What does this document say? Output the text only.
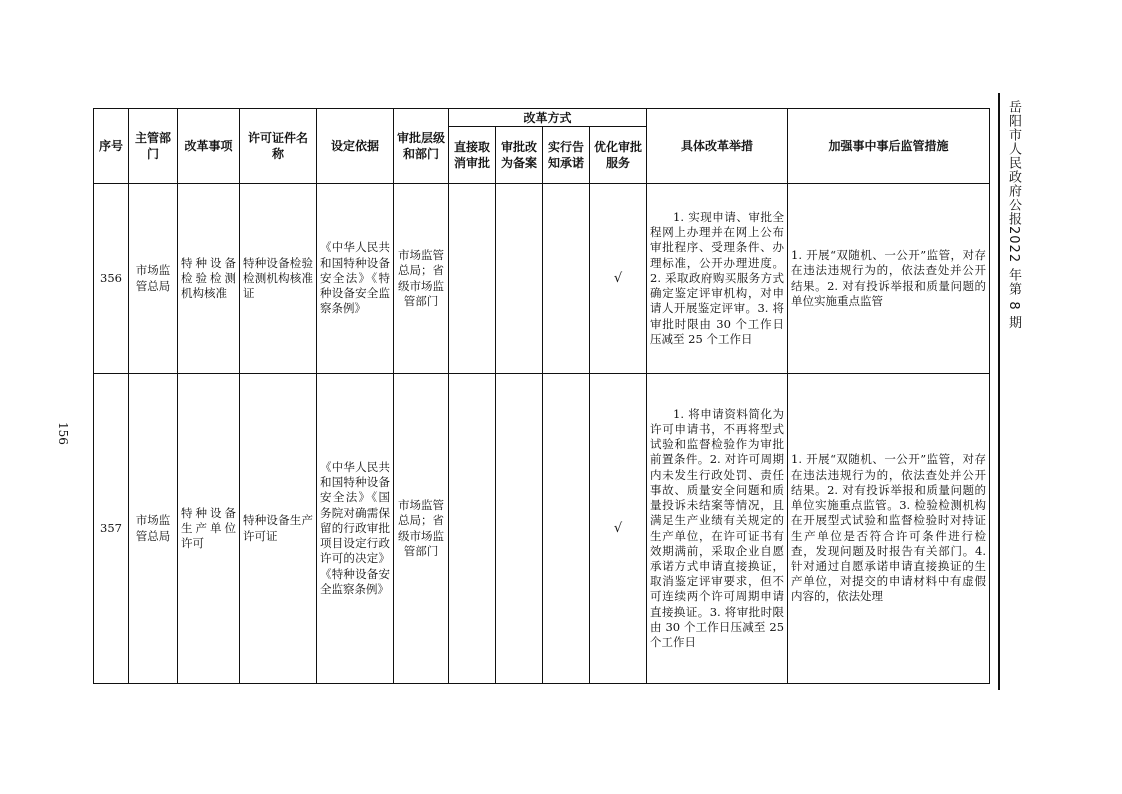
156
序号	主管部门	改革事项	许可证件名称	设定依据	审批层级和部门	改革方式				具体改革举措	加强事中事后监管措施
						直接取消审批	审批改为备案	实行告知承诺	优化审批服务		
356	市场监管总局	特种设备检验检测机构核准	特种设备检验检测机构核准证	《中华人民共和国特种设备安全法》《特种设备安全监察条例》	市场监管总局；省级市场监管部门				√	1. 实现申请、审批全程网上办理并在网上公布审批程序、受理条件、办理标准，公开办理进度。2. 采取政府购买服务方式确定鉴定评审机构，对申请人开展鉴定评审。3. 将审批时限由 30 个工作日压减至 25 个工作日	1. 开展“双随机、一公开”监管，对存在违法违规行为的，依法查处并公开结果。2. 对有投诉举报和质量问题的单位实施重点监管
357	市场监管总局	特种设备生产单位许可	特种设备生产许可证	《中华人民共和国特种设备安全法》《国务院对确需保留的行政审批项目设定行政许可的决定》《特种设备安全监察条例》	市场监管总局；省级市场监管部门				√	1. 将申请资料简化为许可申请书，不再将型式试验和监督检验作为审批前置条件。2. 对许可周期内未发生行政处罚、责任事故、质量安全问题和质量投诉未结案等情况，且满足生产业绩有关规定的生产单位，在许可证书有效期满前，采取企业自愿承诺方式申请直接换证，取消鉴定评审要求，但不可连续两个许可周期申请直接换证。3. 将审批时限由 30 个工作日压减至 25 个工作日	1. 开展“双随机、一公开”监管，对存在违法违规行为的，依法查处并公开结果。2. 对有投诉举报和质量问题的单位实施重点监管。3. 检验检测机构在开展型式试验和监督检验时对持证生产单位是否符合许可条件进行检查，发现问题及时报告有关部门。4. 针对通过自愿承诺申请直接换证的生产单位，对提交的申请材料中有虚假内容的，依法处理
岳阳市人民政府公报2022 年第 8 期
